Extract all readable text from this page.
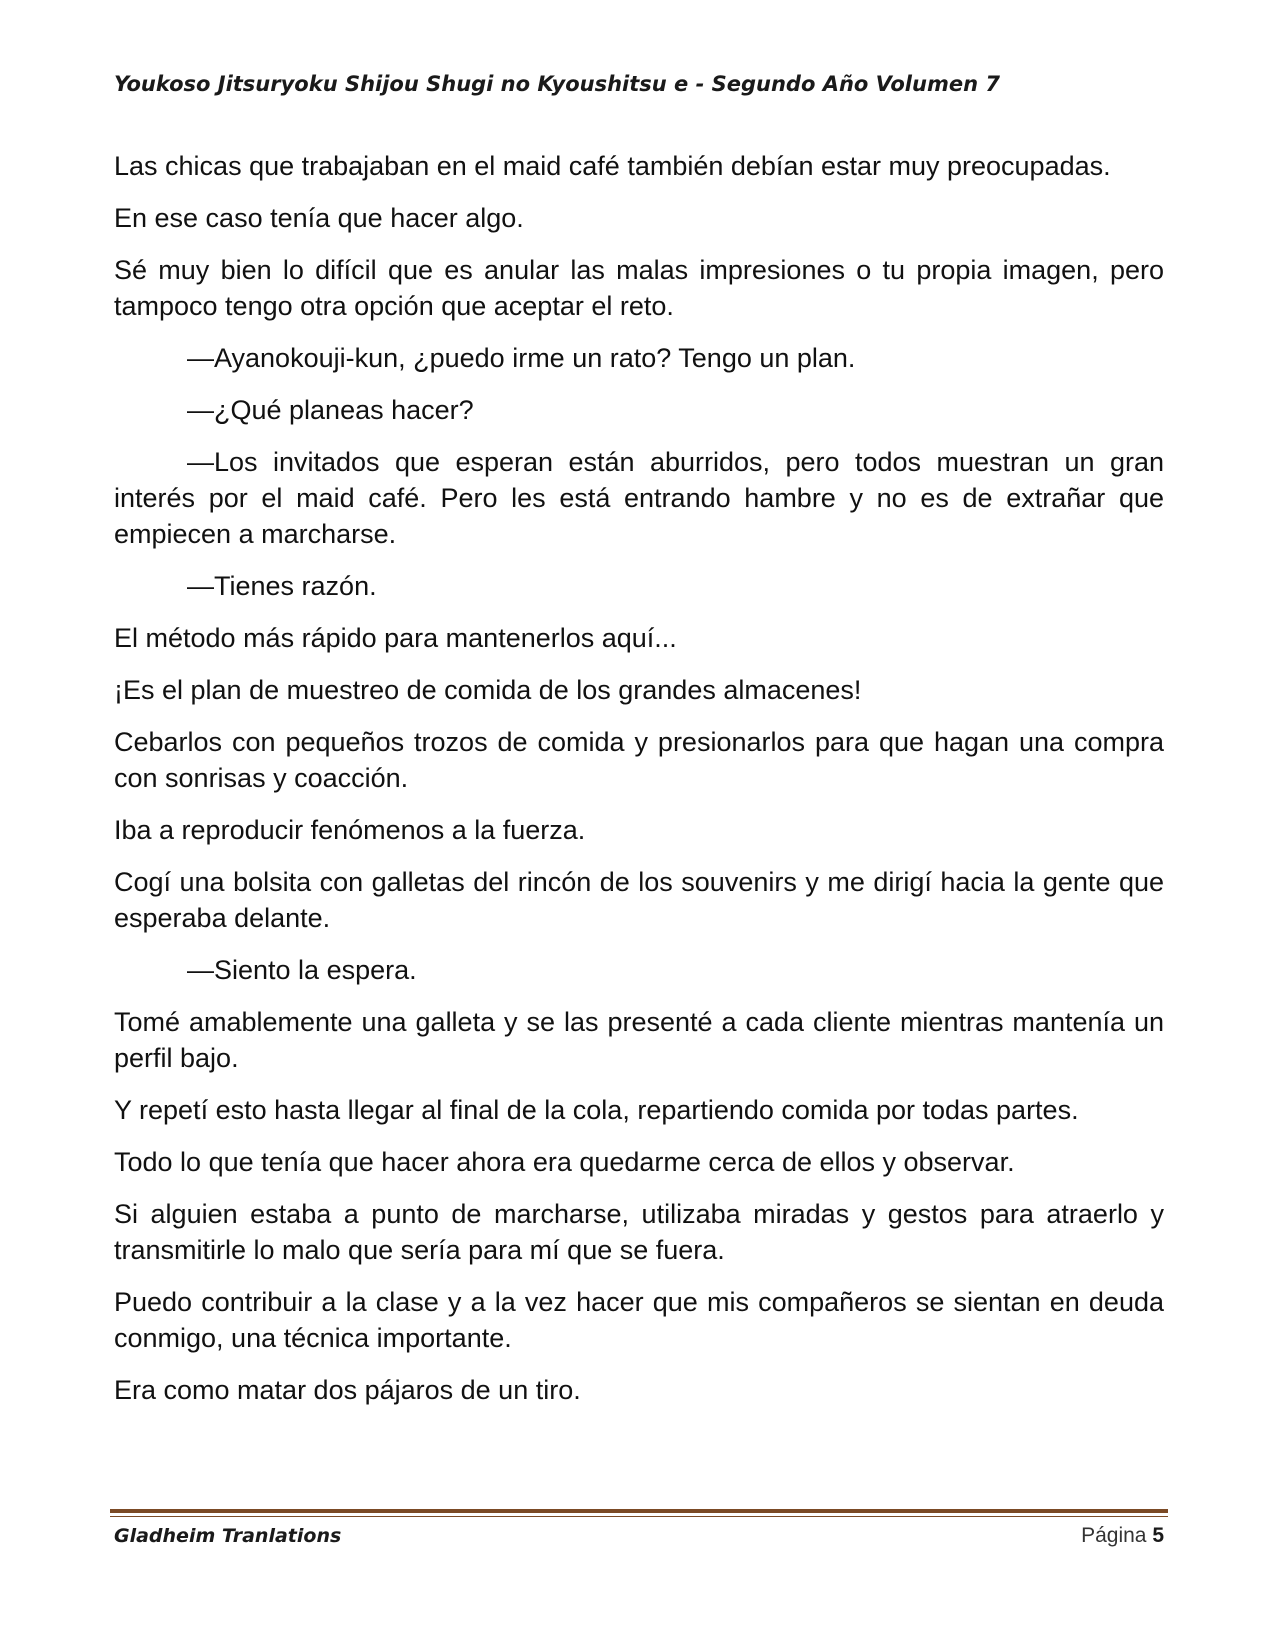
Youkoso Jitsuryoku Shijou Shugi no Kyoushitsu e - Segundo Año Volumen 7

Las chicas que trabajaban en el maid café también debían estar muy preocupadas.

En ese caso tenía que hacer algo.

Sé muy bien lo difícil que es anular las malas impresiones o tu propia imagen, pero tampoco tengo otra opción que aceptar el reto.

—Ayanokouji-kun, ¿puedo irme un rato? Tengo un plan.

—¿Qué planeas hacer?

—Los invitados que esperan están aburridos, pero todos muestran un gran interés por el maid café. Pero les está entrando hambre y no es de extrañar que empiecen a marcharse.

—Tienes razón.

El método más rápido para mantenerlos aquí...

¡Es el plan de muestreo de comida de los grandes almacenes!

Cebarlos con pequeños trozos de comida y presionarlos para que hagan una compra con sonrisas y coacción.

Iba a reproducir fenómenos a la fuerza.

Cogí una bolsita con galletas del rincón de los souvenirs y me dirigí hacia la gente que esperaba delante.

—Siento la espera.

Tomé amablemente una galleta y se las presenté a cada cliente mientras mantenía un perfil bajo.

Y repetí esto hasta llegar al final de la cola, repartiendo comida por todas partes.

Todo lo que tenía que hacer ahora era quedarme cerca de ellos y observar.

Si alguien estaba a punto de marcharse, utilizaba miradas y gestos para atraerlo y transmitirle lo malo que sería para mí que se fuera.

Puedo contribuir a la clase y a la vez hacer que mis compañeros se sientan en deuda conmigo, una técnica importante.

Era como matar dos pájaros de un tiro.

Gladheim Tranlations	Página 5
